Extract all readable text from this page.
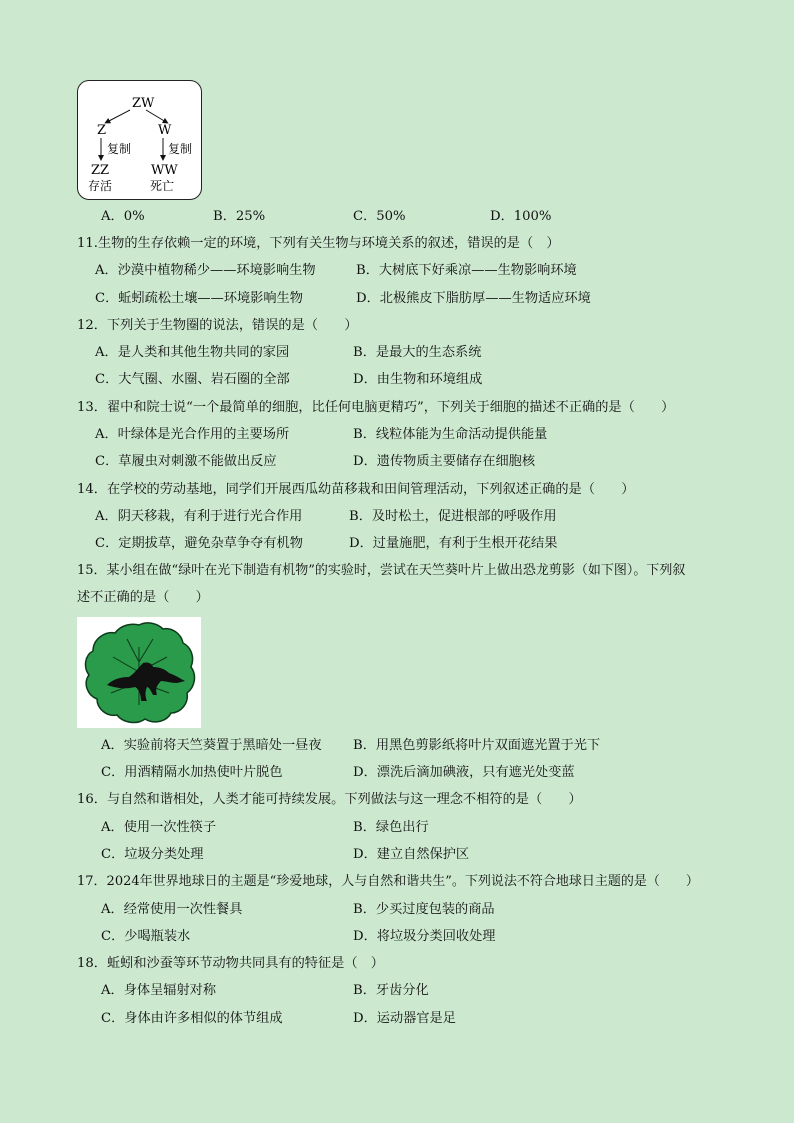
ZW
Z	W
复制	复制
ZZ	WW
存活	死亡
A．0%	B．25%	C．50%	D．100%
11.生物的生存依赖一定的环境，下列有关生物与环境关系的叙述，错误的是（　）
A．沙漠中植物稀少——环境影响生物	B．大树底下好乘凉——生物影响环境
C．蚯蚓疏松土壤——环境影响生物	D．北极熊皮下脂肪厚——生物适应环境
12．下列关于生物圈的说法，错误的是（　　）
A．是人类和其他生物共同的家园	B．是最大的生态系统
C．大气圈、水圈、岩石圈的全部	D．由生物和环境组成
13．翟中和院士说“一个最简单的细胞，比任何电脑更精巧”，下列关于细胞的描述不正确的是（　　）
A．叶绿体是光合作用的主要场所	B．线粒体能为生命活动提供能量
C．草履虫对刺激不能做出反应	D．遗传物质主要储存在细胞核
14．在学校的劳动基地，同学们开展西瓜幼苗移栽和田间管理活动，下列叙述正确的是（　　）
A．阴天移栽，有利于进行光合作用	B．及时松土，促进根部的呼吸作用
C．定期拔草，避免杂草争夺有机物	D．过量施肥，有利于生根开花结果
15．某小组在做“绿叶在光下制造有机物”的实验时，尝试在天竺葵叶片上做出恐龙剪影（如下图）。下列叙
述不正确的是（　　）
A．实验前将天竺葵置于黑暗处一昼夜 B．用黑色剪影纸将叶片双面遮光置于光下
C．用酒精隔水加热使叶片脱色	D．漂洗后滴加碘液，只有遮光处变蓝
16．与自然和谐相处，人类才能可持续发展。下列做法与这一理念不相符的是（　　）
A．使用一次性筷子	B．绿色出行
C．垃圾分类处理	D．建立自然保护区
17．2024年世界地球日的主题是“珍爱地球，人与自然和谐共生”。下列说法不符合地球日主题的是（　　）
A．经常使用一次性餐具	B．少买过度包装的商品
C．少喝瓶装水	D．将垃圾分类回收处理
18．蚯蚓和沙蚕等环节动物共同具有的特征是（　）
A．身体呈辐射对称	B．牙齿分化
C．身体由许多相似的体节组成	D．运动器官是足
